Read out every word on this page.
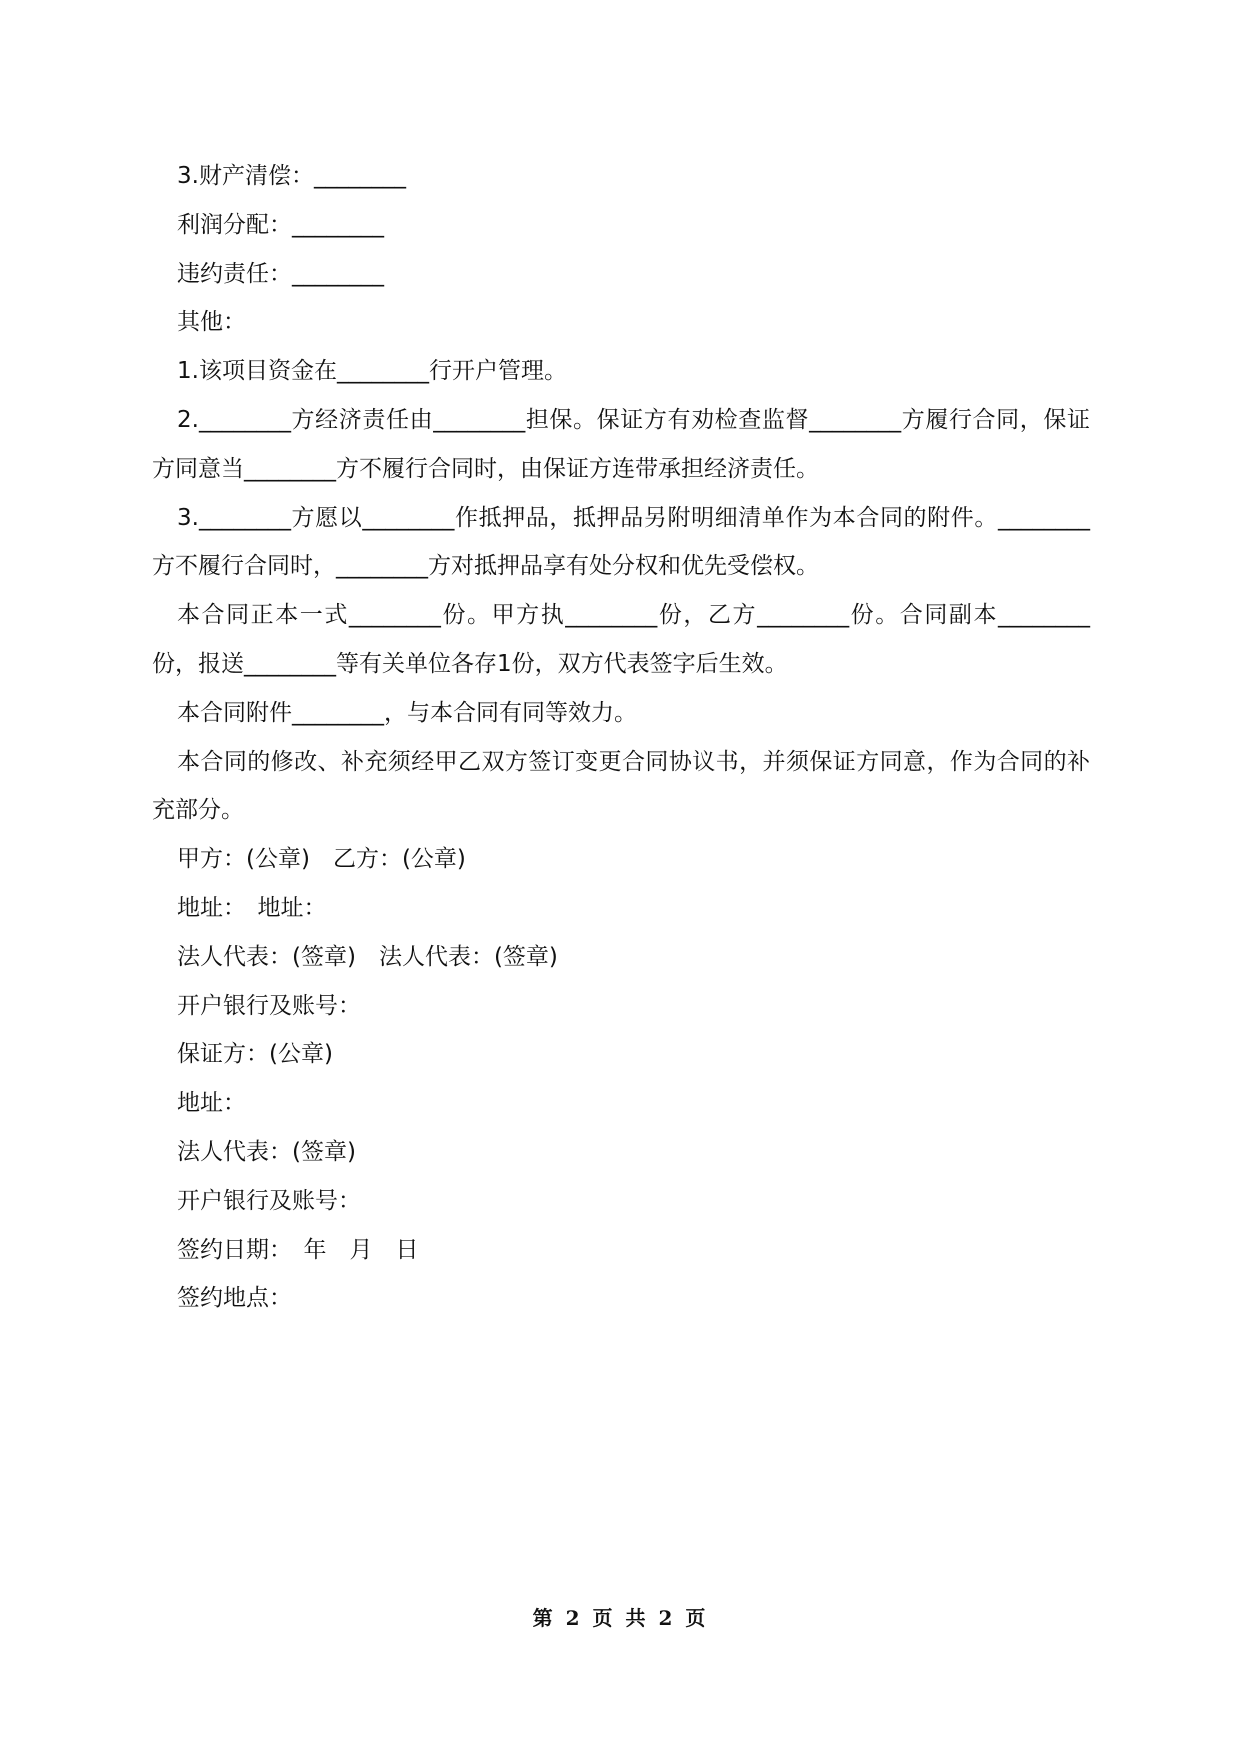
3.财产清偿：________

利润分配：________

违约责任：________

其他：

1.该项目资金在________行开户管理。

2.________方经济责任由________担保。保证方有劝检查监督________方履行合同，保证方同意当________方不履行合同时，由保证方连带承担经济责任。

3.________方愿以________作抵押品，抵押品另附明细清单作为本合同的附件。________方不履行合同时，________方对抵押品享有处分权和优先受偿权。

本合同正本一式________份。甲方执________份，乙方________份。合同副本________份，报送________等有关单位各存1份，双方代表签字后生效。

本合同附件________，与本合同有同等效力。

本合同的修改、补充须经甲乙双方签订变更合同协议书，并须保证方同意，作为合同的补充部分。

甲方：(公章)　乙方：(公章)

地址：　地址：

法人代表：(签章)　法人代表：(签章)

开户银行及账号：

保证方：(公章)

地址：

法人代表：(签章)

开户银行及账号：

签约日期：　年　月　日

签约地点：

第 2 页 共 2 页
